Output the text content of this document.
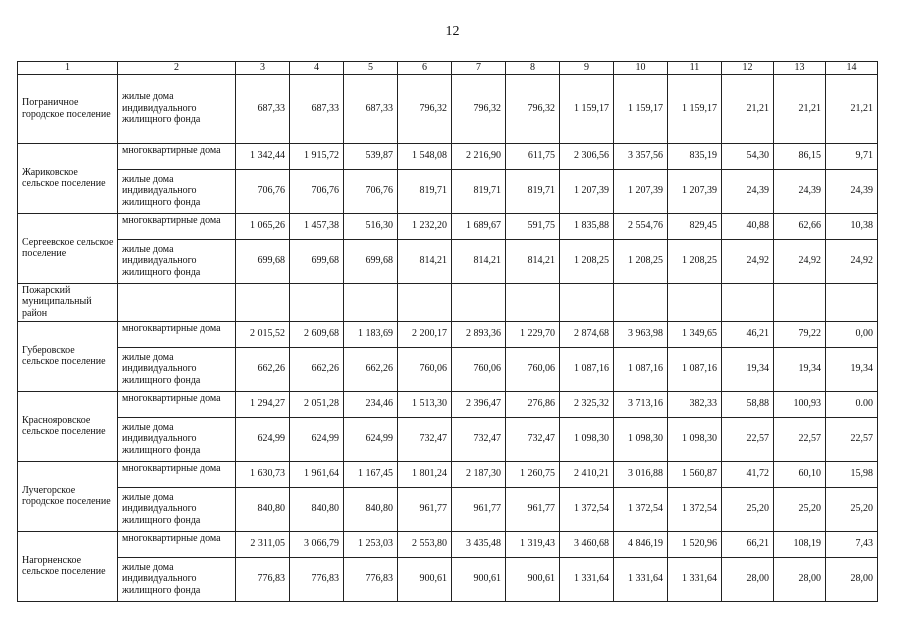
12
1	2	3	4	5	6	7	8	9	10	11	12	13	14
Пограничное городское поселение	жилые дома индивидуального жилищного фонда	687,33	687,33	687,33	796,32	796,32	796,32	1 159,17	1 159,17	1 159,17	21,21	21,21	21,21
Жариковское сельское поселение	многоквартирные дома	1 342,44	1 915,72	539,87	1 548,08	2 216,90	611,75	2 306,56	3 357,56	835,19	54,30	86,15	9,71
	жилые дома индивидуального жилищного фонда	706,76	706,76	706,76	819,71	819,71	819,71	1 207,39	1 207,39	1 207,39	24,39	24,39	24,39
Сергеевское сельское поселение	многоквартирные дома	1 065,26	1 457,38	516,30	1 232,20	1 689,67	591,75	1 835,88	2 554,76	829,45	40,88	62,66	10,38
	жилые дома индивидуального жилищного фонда	699,68	699,68	699,68	814,21	814,21	814,21	1 208,25	1 208,25	1 208,25	24,92	24,92	24,92
Пожарский муниципальный район													
Губеровское сельское поселение	многоквартирные дома	2 015,52	2 609,68	1 183,69	2 200,17	2 893,36	1 229,70	2 874,68	3 963,98	1 349,65	46,21	79,22	0,00
	жилые дома индивидуального жилищного фонда	662,26	662,26	662,26	760,06	760,06	760,06	1 087,16	1 087,16	1 087,16	19,34	19,34	19,34
Краснояровское сельское поселение	многоквартирные дома	1 294,27	2 051,28	234,46	1 513,30	2 396,47	276,86	2 325,32	3 713,16	382,33	58,88	100,93	0.00
	жилые дома индивидуального жилищного фонда	624,99	624,99	624,99	732,47	732,47	732,47	1 098,30	1 098,30	1 098,30	22,57	22,57	22,57
Лучегорское городское поселение	многоквартирные дома	1 630,73	1 961,64	1 167,45	1 801,24	2 187,30	1 260,75	2 410,21	3 016,88	1 560,87	41,72	60,10	15,98
	жилые дома индивидуального жилищного фонда	840,80	840,80	840,80	961,77	961,77	961,77	1 372,54	1 372,54	1 372,54	25,20	25,20	25,20
Нагорненское сельское поселение	многоквартирные дома	2 311,05	3 066,79	1 253,03	2 553,80	3 435,48	1 319,43	3 460,68	4 846,19	1 520,96	66,21	108,19	7,43
	жилые дома индивидуального жилищного фонда	776,83	776,83	776,83	900,61	900,61	900,61	1 331,64	1 331,64	1 331,64	28,00	28,00	28,00
